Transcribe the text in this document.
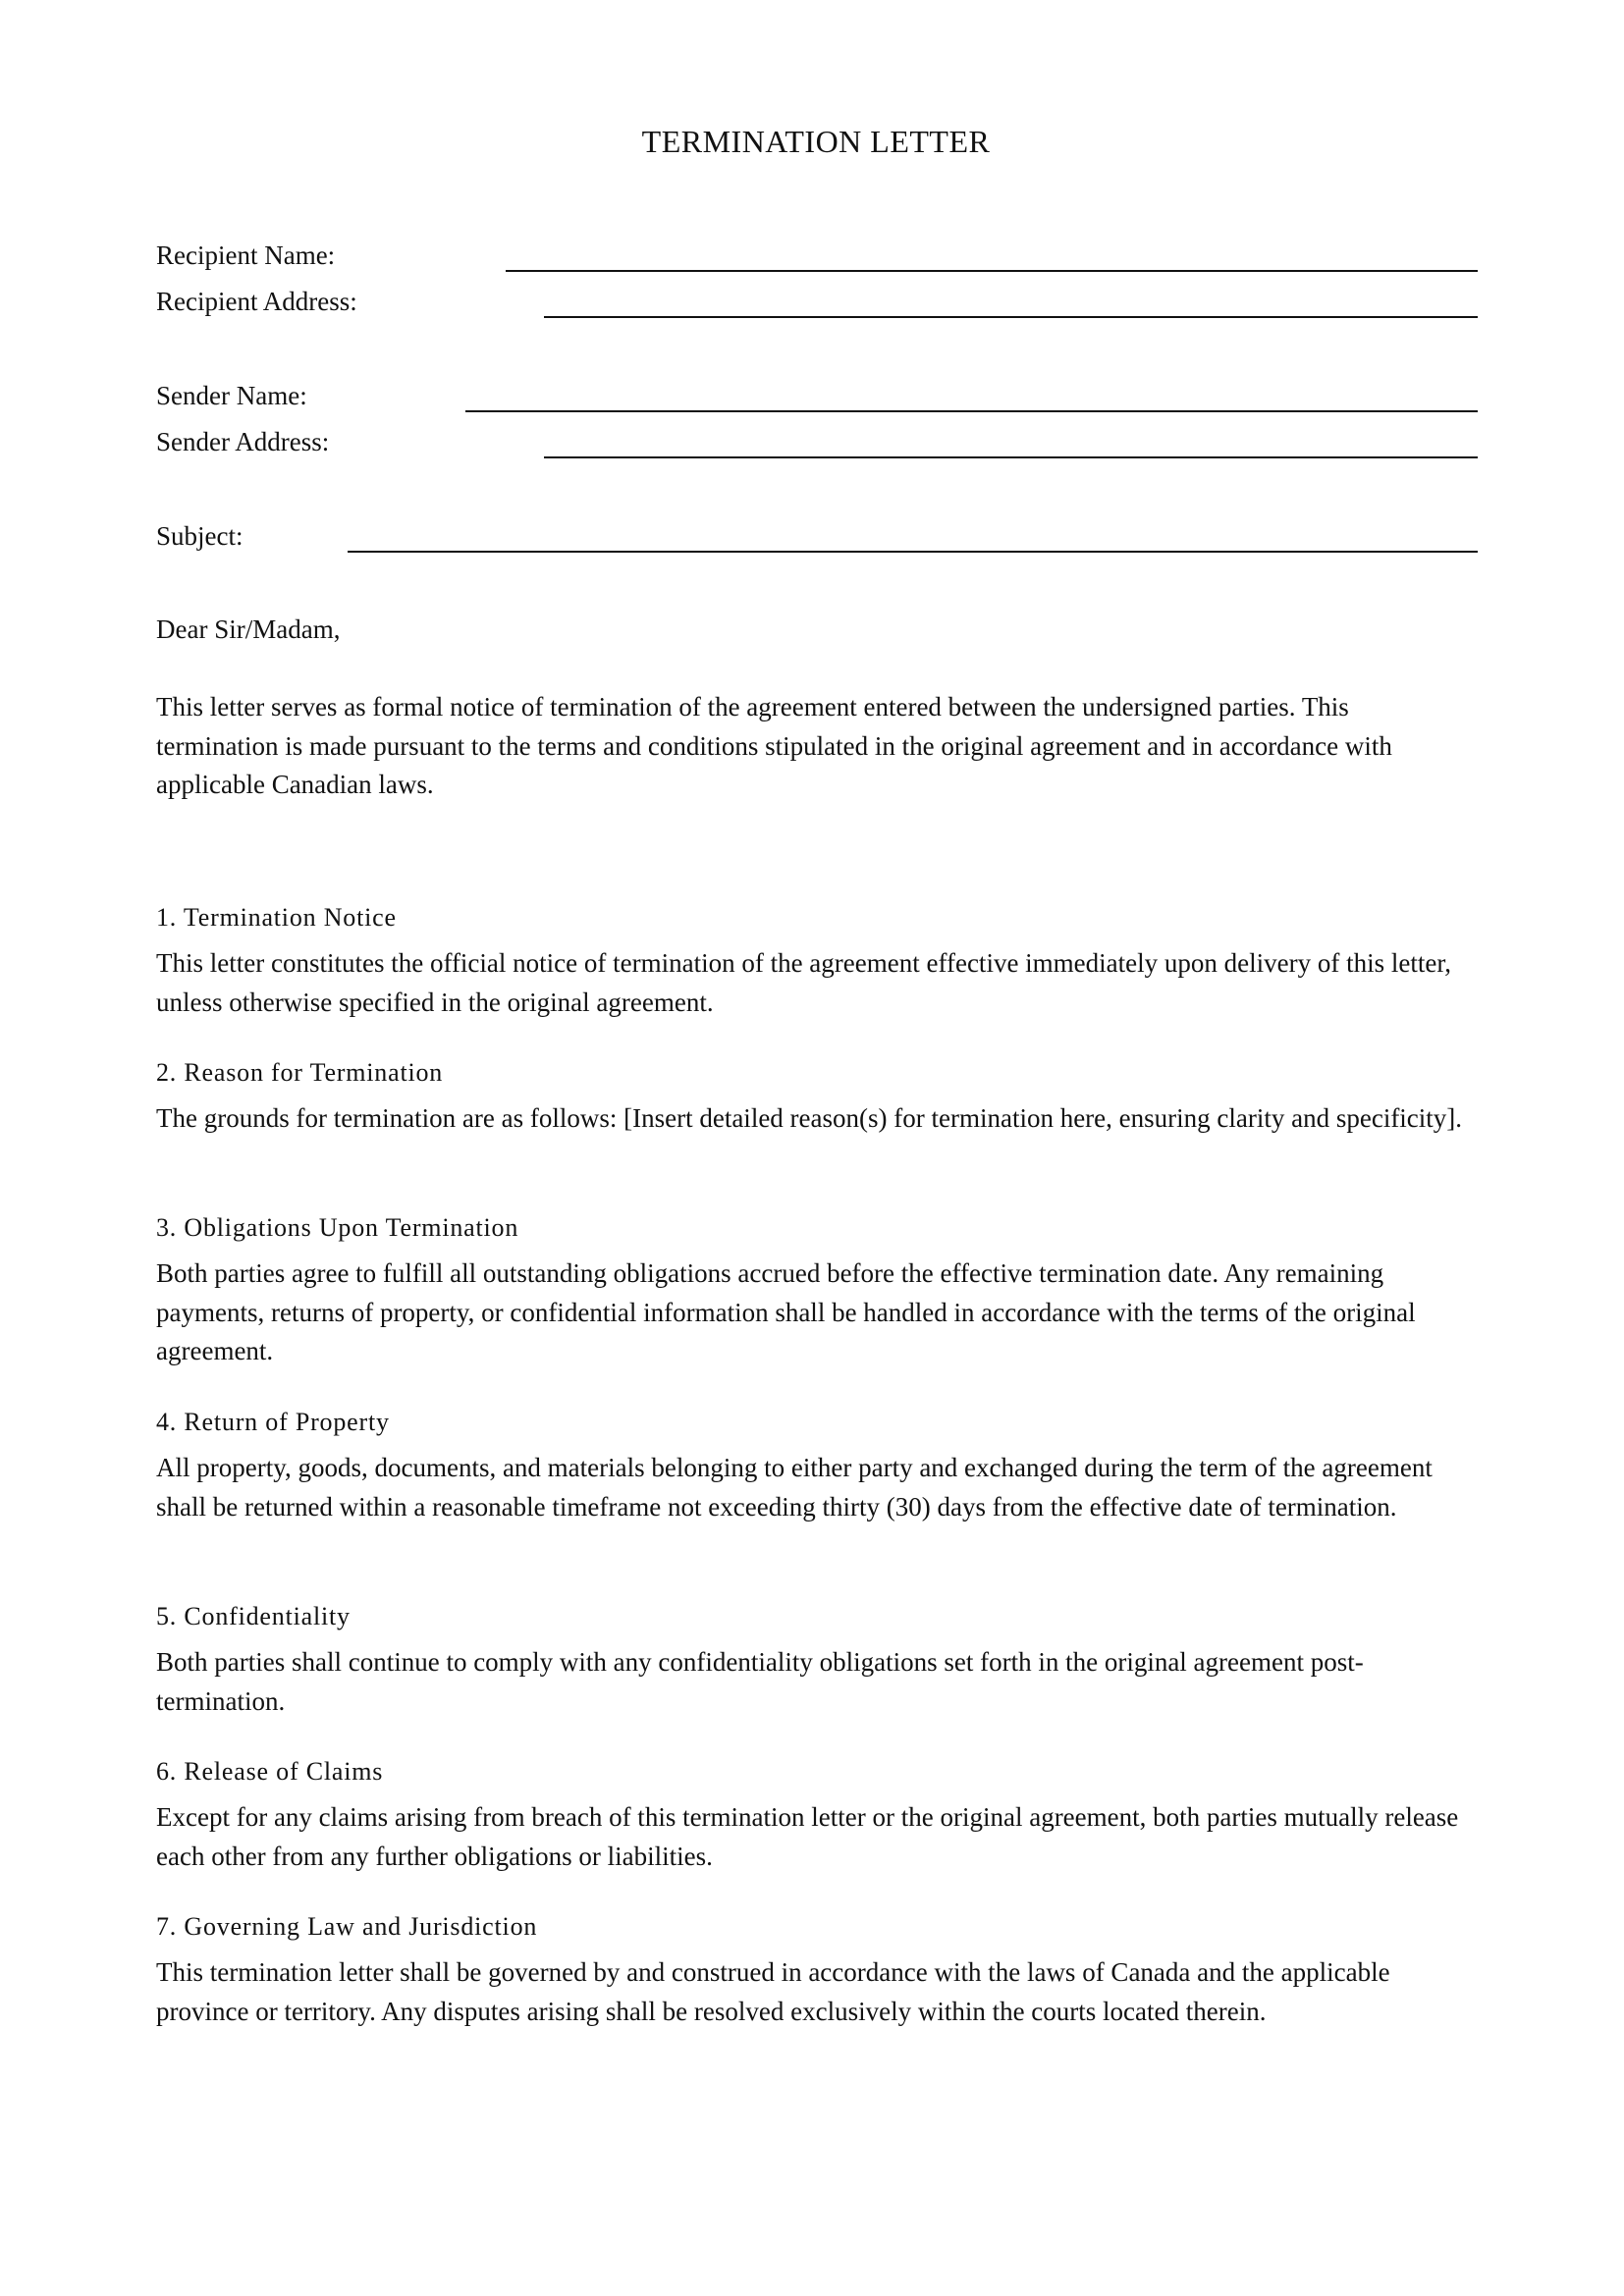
TERMINATION LETTER
Recipient Name:
Recipient Address:
Sender Name:
Sender Address:
Subject:
Dear Sir/Madam,
This letter serves as formal notice of termination of the agreement entered between the undersigned parties. This termination is made pursuant to the terms and conditions stipulated in the original agreement and in accordance with applicable Canadian laws.
1. Termination Notice
This letter constitutes the official notice of termination of the agreement effective immediately upon delivery of this letter, unless otherwise specified in the original agreement.
2. Reason for Termination
The grounds for termination are as follows: [Insert detailed reason(s) for termination here, ensuring clarity and specificity].
3. Obligations Upon Termination
Both parties agree to fulfill all outstanding obligations accrued before the effective termination date. Any remaining payments, returns of property, or confidential information shall be handled in accordance with the terms of the original agreement.
4. Return of Property
All property, goods, documents, and materials belonging to either party and exchanged during the term of the agreement shall be returned within a reasonable timeframe not exceeding thirty (30) days from the effective date of termination.
5. Confidentiality
Both parties shall continue to comply with any confidentiality obligations set forth in the original agreement post-termination.
6. Release of Claims
Except for any claims arising from breach of this termination letter or the original agreement, both parties mutually release each other from any further obligations or liabilities.
7. Governing Law and Jurisdiction
This termination letter shall be governed by and construed in accordance with the laws of Canada and the applicable province or territory. Any disputes arising shall be resolved exclusively within the courts located therein.
